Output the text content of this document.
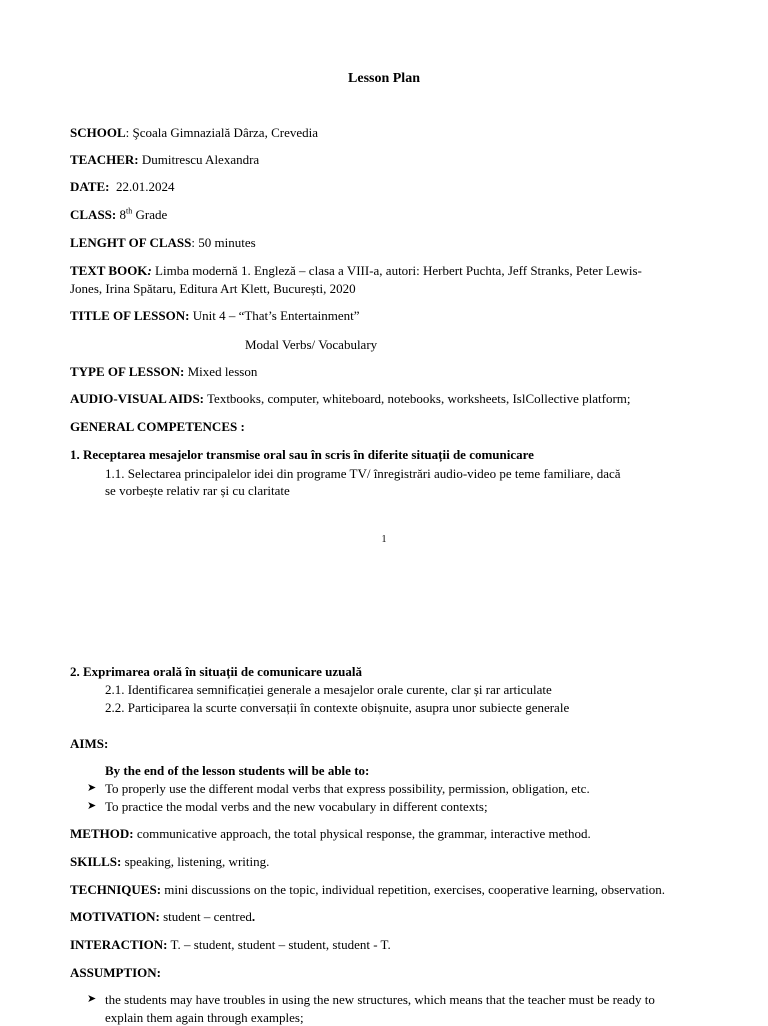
Lesson Plan
SCHOOL: Şcoala Gimnazială Dârza, Crevedia
TEACHER: Dumitrescu Alexandra
DATE:  22.01.2024
CLASS: 8th Grade
LENGHT OF CLASS: 50 minutes
TEXT BOOK: Limba modernă 1. Engleză – clasa a VIII-a, autori: Herbert Puchta, Jeff Stranks, Peter Lewis-
Jones, Irina Spătaru, Editura Art Klett, București, 2020
TITLE OF LESSON: Unit 4 – “That’s Entertainment”
Modal Verbs/ Vocabulary
TYPE OF LESSON: Mixed lesson
AUDIO-VISUAL AIDS: Textbooks, computer, whiteboard, notebooks, worksheets, IslCollective platform;
GENERAL COMPETENCES :
1. Receptarea mesajelor transmise oral sau în scris în diferite situații de comunicare
1.1. Selectarea principalelor idei din programe TV/ înregistrări audio-video pe teme familiare, dacă
se vorbește relativ rar și cu claritate
1
2. Exprimarea orală în situații de comunicare uzuală
2.1. Identificarea semnificației generale a mesajelor orale curente, clar și rar articulate
2.2. Participarea la scurte conversații în contexte obișnuite, asupra unor subiecte generale
AIMS:
By the end of the lesson students will be able to:
➤ To properly use the different modal verbs that express possibility, permission, obligation, etc.
➤ To practice the modal verbs and the new vocabulary in different contexts;
METHOD: communicative approach, the total physical response, the grammar, interactive method.
SKILLS: speaking, listening, writing.
TECHNIQUES: mini discussions on the topic, individual repetition, exercises, cooperative learning, observation.
MOTIVATION: student – centred.
INTERACTION: T. – student, student – student, student - T.
ASSUMPTION:
➤ the students may have troubles in using the new structures, which means that the teacher must be ready to
explain them again through examples;
